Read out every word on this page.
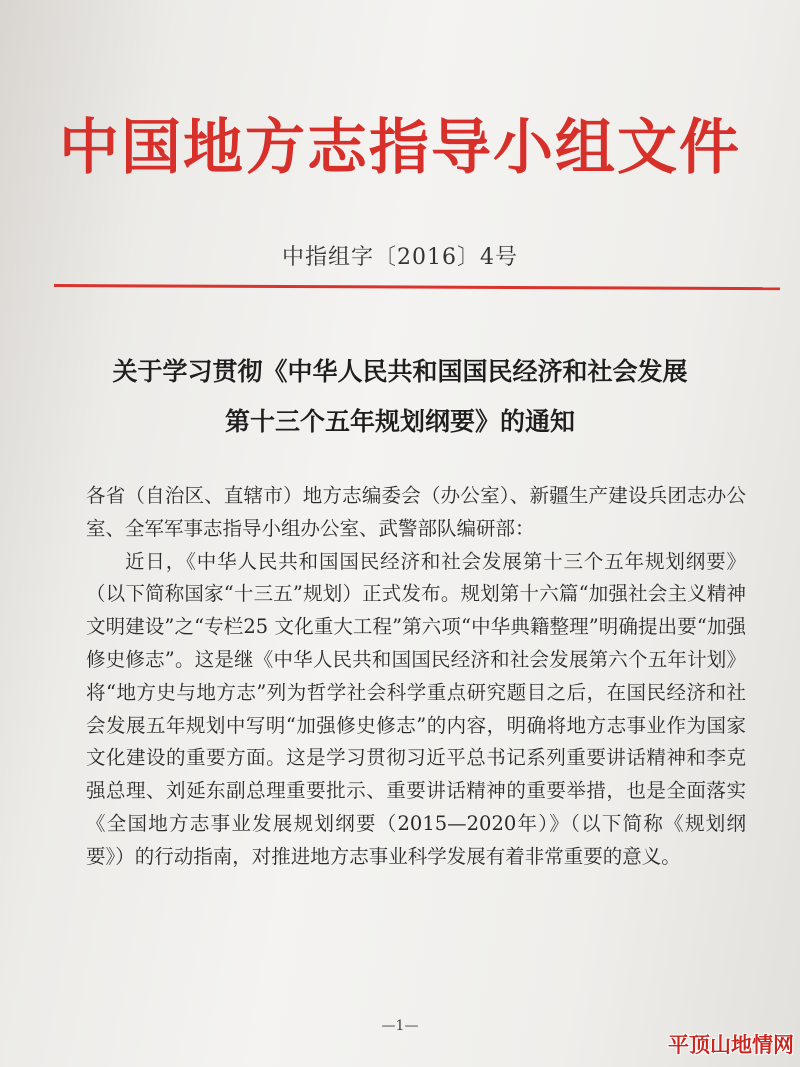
中国地方志指导小组文件
中指组字〔2016〕4号
关于学习贯彻《中华人民共和国国民经济和社会发展
第十三个五年规划纲要》的通知
各省（自治区、直辖市）地方志编委会（办公室）、新疆生产建设兵团志办公室、全军军事志指导小组办公室、武警部队编研部：
近日，《中华人民共和国国民经济和社会发展第十三个五年规划纲要》（以下简称国家“十三五”规划）正式发布。规划第十六篇“加强社会主义精神文明建设”之“专栏25 文化重大工程”第六项“中华典籍整理”明确提出要“加强修史修志”。这是继《中华人民共和国国民经济和社会发展第六个五年计划》将“地方史与地方志”列为哲学社会科学重点研究题目之后，在国民经济和社会发展五年规划中写明“加强修史修志”的内容，明确将地方志事业作为国家文化建设的重要方面。这是学习贯彻习近平总书记系列重要讲话精神和李克强总理、刘延东副总理重要批示、重要讲话精神的重要举措，也是全面落实《全国地方志事业发展规划纲要（2015—2020年）》（以下简称《规划纲要》）的行动指南，对推进地方志事业科学发展有着非常重要的意义。
—1—
平顶山地情网
